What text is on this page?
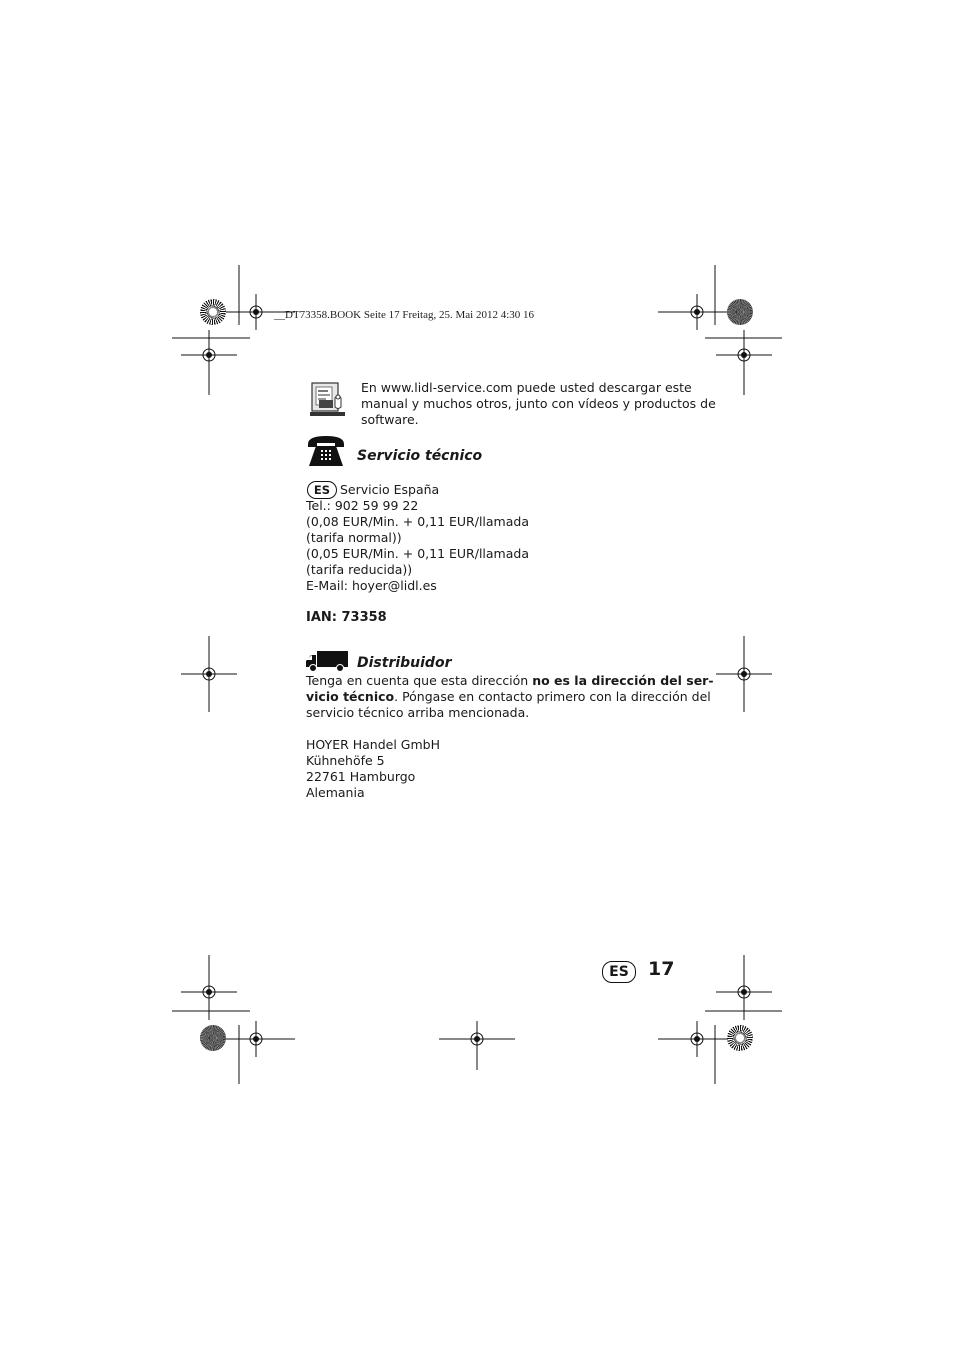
__DT73358.BOOK Seite 17 Freitag, 25. Mai 2012 4:30 16
En www.lidl-service.com puede usted descargar este
manual y muchos otros, junto con vídeos y productos de
software.
Servicio técnico
ES Servicio España
Tel.: 902 59 99 22
(0,08 EUR/Min. + 0,11 EUR/llamada
(tarifa normal))
(0,05 EUR/Min. + 0,11 EUR/llamada
(tarifa reducida))
E-Mail: hoyer@lidl.es
IAN: 73358
Distribuidor
Tenga en cuenta que esta dirección no es la dirección del ser-
vicio técnico. Póngase en contacto primero con la dirección del
servicio técnico arriba mencionada.
HOYER Handel GmbH
Kühnehöfe 5
22761 Hamburgo
Alemania
ES	17
